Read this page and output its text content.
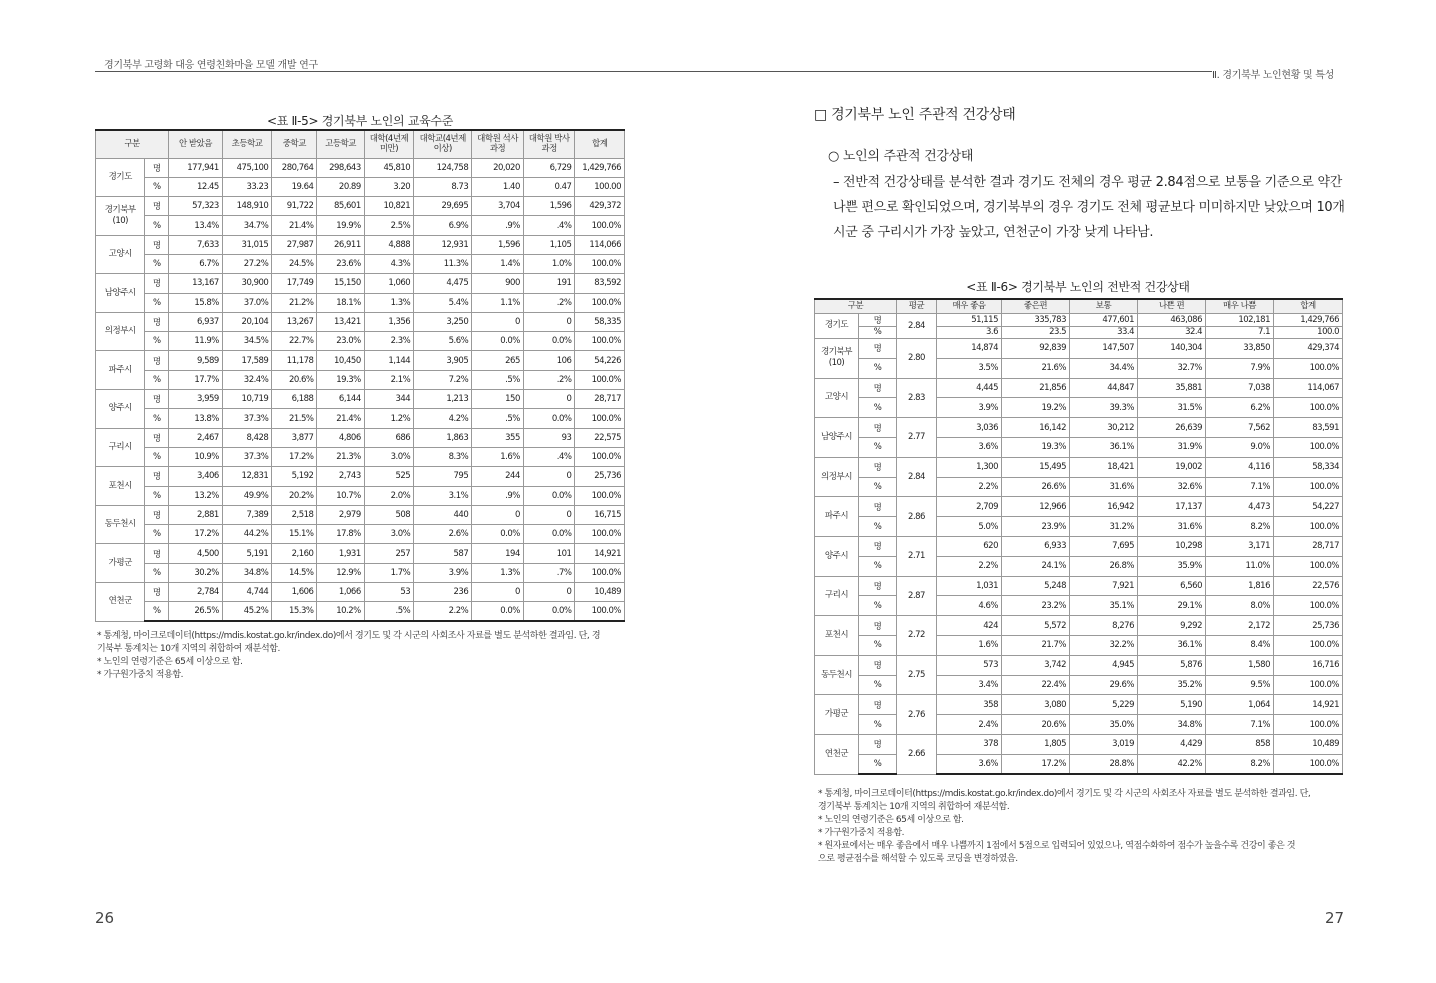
경기북부 고령화 대응 연령친화마을 모델 개발 연구
Ⅱ. 경기북부 노인현황 및 특성
<표 Ⅱ-5> 경기북부 노인의 교육수준
구분		안 받았음	초등학교	중학교	고등학교	대학(4년제 미만)	대학교(4년제 이상)	대학원 석사과정	대학원 박사과정	합계
경기도	명	177,941	475,100	280,764	298,643	45,810	124,758	20,020	6,729	1,429,766
	%	12.45	33.23	19.64	20.89	3.20	8.73	1.40	0.47	100.00
경기북부 (10)	명	57,323	148,910	91,722	85,601	10,821	29,695	3,704	1,596	429,372
	%	13.4%	34.7%	21.4%	19.9%	2.5%	6.9%	.9%	.4%	100.0%
고양시	명	7,633	31,015	27,987	26,911	4,888	12,931	1,596	1,105	114,066
	%	6.7%	27.2%	24.5%	23.6%	4.3%	11.3%	1.4%	1.0%	100.0%
남양주시	명	13,167	30,900	17,749	15,150	1,060	4,475	900	191	83,592
	%	15.8%	37.0%	21.2%	18.1%	1.3%	5.4%	1.1%	.2%	100.0%
의정부시	명	6,937	20,104	13,267	13,421	1,356	3,250	0	0	58,335
	%	11.9%	34.5%	22.7%	23.0%	2.3%	5.6%	0.0%	0.0%	100.0%
파주시	명	9,589	17,589	11,178	10,450	1,144	3,905	265	106	54,226
	%	17.7%	32.4%	20.6%	19.3%	2.1%	7.2%	.5%	.2%	100.0%
양주시	명	3,959	10,719	6,188	6,144	344	1,213	150	0	28,717
	%	13.8%	37.3%	21.5%	21.4%	1.2%	4.2%	.5%	0.0%	100.0%
구리시	명	2,467	8,428	3,877	4,806	686	1,863	355	93	22,575
	%	10.9%	37.3%	17.2%	21.3%	3.0%	8.3%	1.6%	.4%	100.0%
포천시	명	3,406	12,831	5,192	2,743	525	795	244	0	25,736
	%	13.2%	49.9%	20.2%	10.7%	2.0%	3.1%	.9%	0.0%	100.0%
동두천시	명	2,881	7,389	2,518	2,979	508	440	0	0	16,715
	%	17.2%	44.2%	15.1%	17.8%	3.0%	2.6%	0.0%	0.0%	100.0%
가평군	명	4,500	5,191	2,160	1,931	257	587	194	101	14,921
	%	30.2%	34.8%	14.5%	12.9%	1.7%	3.9%	1.3%	.7%	100.0%
연천군	명	2,784	4,744	1,606	1,066	53	236	0	0	10,489
	%	26.5%	45.2%	15.3%	10.2%	.5%	2.2%	0.0%	0.0%	100.0%

* 통계청, 마이크로데이터(https://mdis.kostat.go.kr/index.do)에서 경기도 및 각 시군의 사회조사 자료를 별도 분석하한 결과임. 단, 경

기북부 통계치는 10개 지역의 취합하여 재분석함.

* 노인의 연령기준은 65세 이상으로 함.

* 가구원가중치 적용함.

26
□ 경기북부 노인 주관적 건강상태
○ 노인의 주관적 건강상태
– 전반적 건강상태를 분석한 결과 경기도 전체의 경우 평균 2.84점으로 보통을 기준으로 약간 나쁜 편으로 확인되었으며, 경기북부의 경우 경기도 전체 평균보다 미미하지만 낮았으며 10개 시군 중 구리시가 가장 높았고, 연천군이 가장 낮게 나타남.
<표 Ⅱ-6> 경기북부 노인의 전반적 건강상태
구분		평균	매우 좋음	좋은편	보통	나쁜 편	매우 나쁨	합계
경기도	명	2.84	51,115	335,783	477,601	463,086	102,181	1,429,766
	%		3.6	23.5	33.4	32.4	7.1	100.0
경기북부 (10)	명	2.80	14,874	92,839	147,507	140,304	33,850	429,374
	%		3.5%	21.6%	34.4%	32.7%	7.9%	100.0%
고양시	명	2.83	4,445	21,856	44,847	35,881	7,038	114,067
	%		3.9%	19.2%	39.3%	31.5%	6.2%	100.0%
남양주시	명	2.77	3,036	16,142	30,212	26,639	7,562	83,591
	%		3.6%	19.3%	36.1%	31.9%	9.0%	100.0%
의정부시	명	2.84	1,300	15,495	18,421	19,002	4,116	58,334
	%		2.2%	26.6%	31.6%	32.6%	7.1%	100.0%
파주시	명	2.86	2,709	12,966	16,942	17,137	4,473	54,227
	%		5.0%	23.9%	31.2%	31.6%	8.2%	100.0%
양주시	명	2.71	620	6,933	7,695	10,298	3,171	28,717
	%		2.2%	24.1%	26.8%	35.9%	11.0%	100.0%
구리시	명	2.87	1,031	5,248	7,921	6,560	1,816	22,576
	%		4.6%	23.2%	35.1%	29.1%	8.0%	100.0%
포천시	명	2.72	424	5,572	8,276	9,292	2,172	25,736
	%		1.6%	21.7%	32.2%	36.1%	8.4%	100.0%
동두천시	명	2.75	573	3,742	4,945	5,876	1,580	16,716
	%		3.4%	22.4%	29.6%	35.2%	9.5%	100.0%
가평군	명	2.76	358	3,080	5,229	5,190	1,064	14,921
	%		2.4%	20.6%	35.0%	34.8%	7.1%	100.0%
연천군	명	2.66	378	1,805	3,019	4,429	858	10,489
	%		3.6%	17.2%	28.8%	42.2%	8.2%	100.0%

* 통계청, 마이크로데이터(https://mdis.kostat.go.kr/index.do)에서 경기도 및 각 시군의 사회조사 자료를 별도 분석하한 결과임. 단,

경기북부 통계치는 10개 지역의 취합하여 재분석함.

* 노인의 연령기준은 65세 이상으로 함.

* 가구원가중치 적용함.

* 원자료에서는 매우 좋음에서 매우 나쁨까지 1점에서 5점으로 입력되어 있었으나, 역점수화하여 점수가 높을수록 건강이 좋은 것

으로 평균점수를 해석할 수 있도록 코딩을 변경하였음.

27
